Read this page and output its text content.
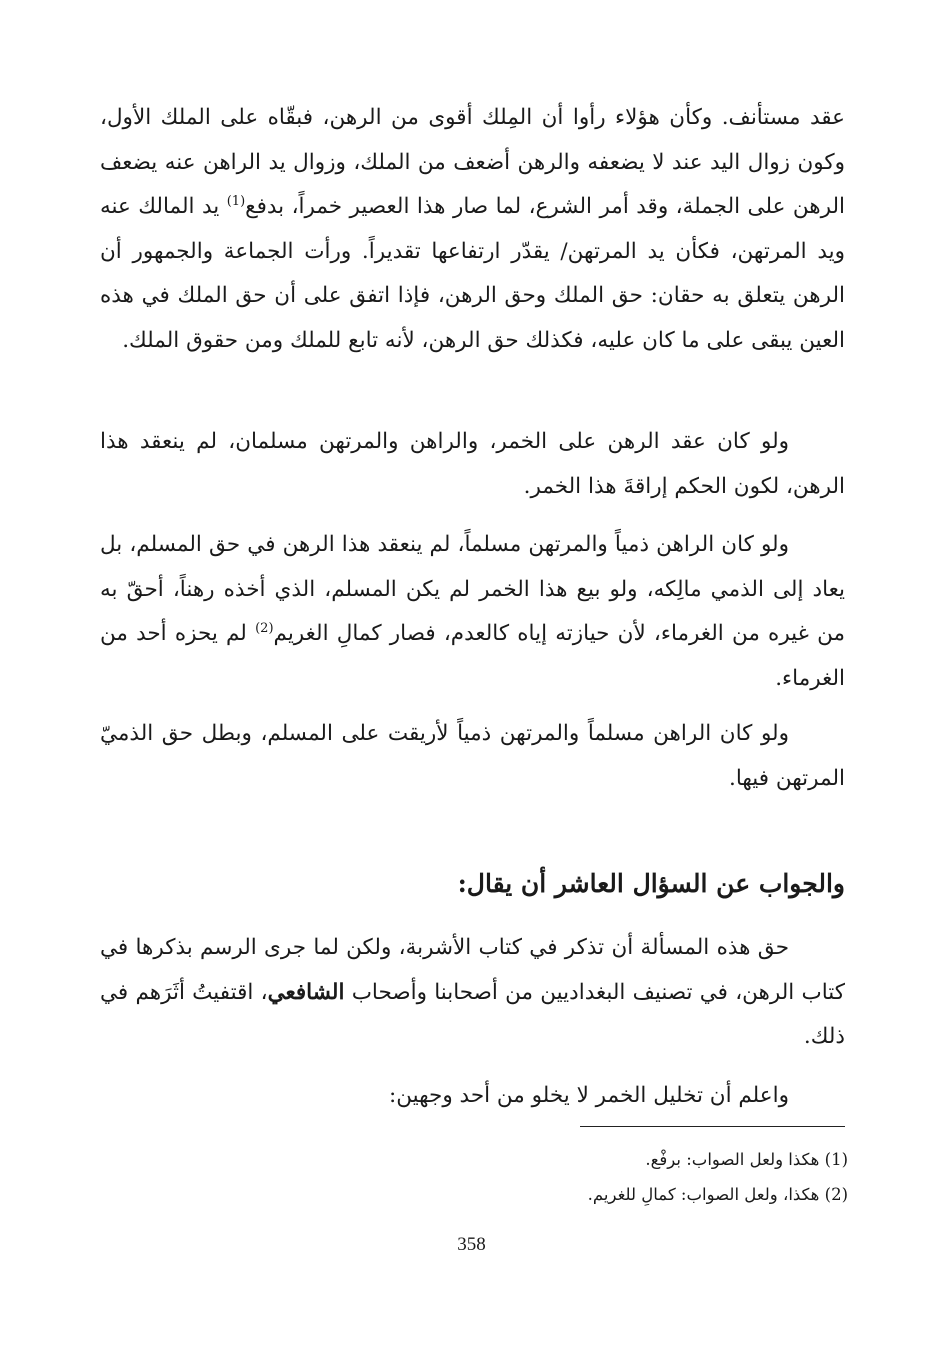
عقد مستأنف. وكأن هؤلاء رأوا أن المِلك أقوى من الرهن، فبقّاه على الملك الأول، وكون زوال اليد عند لا يضعفه والرهن أضعف من الملك، وزوال يد الراهن عنه يضعف الرهن على الجملة، وقد أمر الشرع، لما صار هذا العصير خمراً، بدفع$^{(1)}$ يد المالك عنه ويد المرتهن، فكأن يد المرتهن/ يقدّر ارتفاعها تقديراً. ورأت الجماعة والجمهور أن الرهن يتعلق به حقان: حق الملك وحق الرهن، فإذا اتفق على أن حق الملك في هذه العين يبقى على ما كان عليه، فكذلك حق الرهن، لأنه تابع للملك ومن حقوق الملك.

ولو كان عقد الرهن على الخمر، والراهن والمرتهن مسلمان، لم ينعقد هذا الرهن، لكون الحكم إراقةَ هذا الخمر.

ولو كان الراهن ذمياً والمرتهن مسلماً، لم ينعقد هذا الرهن في حق المسلم، بل يعاد إلى الذمي مالِكه، ولو بيع هذا الخمر لم يكن المسلم، الذي أخذه رهناً، أحقّ به من غيره من الغرماء، لأن حيازته إياه كالعدم، فصار كمالِ الغريم$^{(2)}$ لم يحزه أحد من الغرماء.

ولو كان الراهن مسلماً والمرتهن ذمياً لأريقت على المسلم، وبطل حق الذميّ المرتهن فيها.

والجواب عن السؤال العاشر أن يقال:

حق هذه المسألة أن تذكر في كتاب الأشربة، ولكن لما جرى الرسم بذكرها في كتاب الرهن، في تصنيف البغداديين من أصحابنا وأصحاب الشافعي، اقتفيتُ أثَرَهم في ذلك.

واعلم أن تخليل الخمر لا يخلو من أحد وجهين:

(1) هكذا ولعل الصواب: برفْع.
(2) هكذا، ولعل الصواب: كمالِ للغريم.
358
